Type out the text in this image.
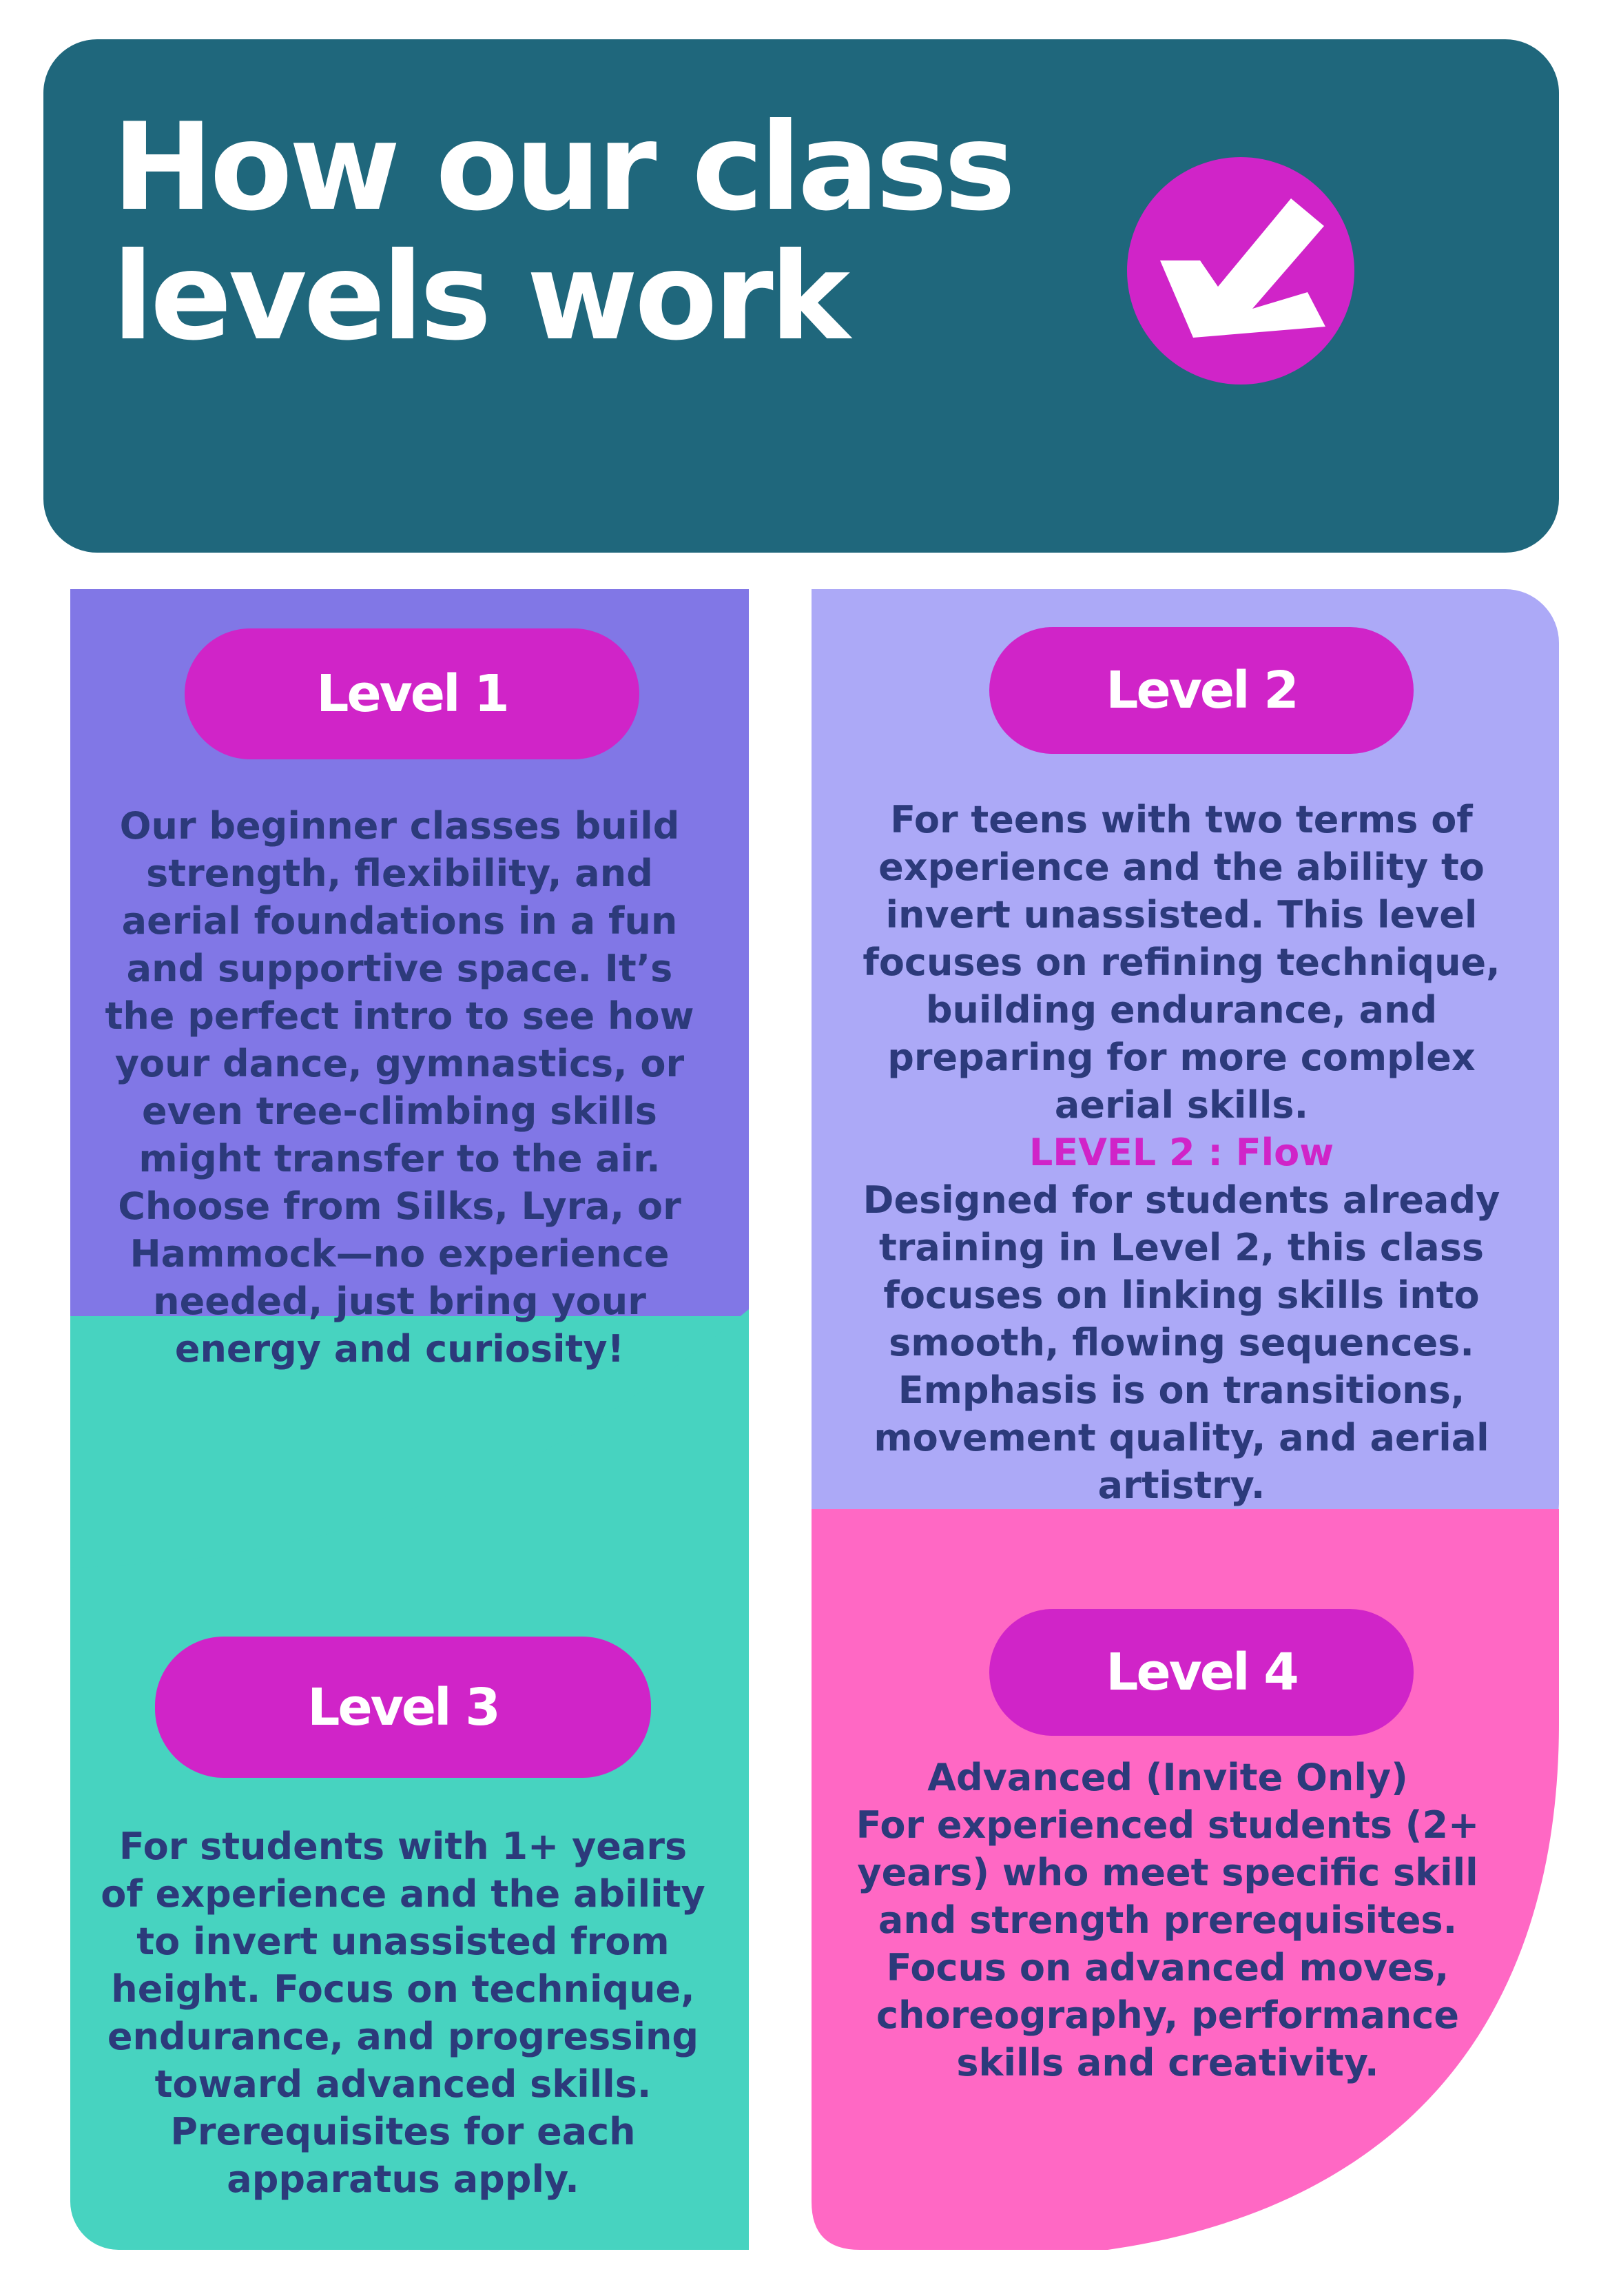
How our class levels work
Level 1

Our beginner classes build strength, flexibility, and aerial foundations in a fun and supportive space. It’s the perfect intro to see how your dance, gymnastics, or even tree-climbing skills might transfer to the air. Choose from Silks, Lyra, or Hammock—no experience needed, just bring your energy and curiosity!

Level 2
For teens with two terms of experience and the ability to invert unassisted. This level focuses on refining technique, building endurance, and preparing for more complex aerial skills.
LEVEL 2 : Flow
Designed for students already training in Level 2, this class focuses on linking skills into smooth, flowing sequences. Emphasis is on transitions, movement quality, and aerial artistry.
Level 3

For students with 1+ years of experience and the ability to invert unassisted from height. Focus on technique, endurance, and progressing toward advanced skills. Prerequisites for each apparatus apply.

Level 4
Advanced (Invite Only)
For experienced students (2+ years) who meet specific skill and strength prerequisites. Focus on advanced moves, choreography, performance skills and creativity.
